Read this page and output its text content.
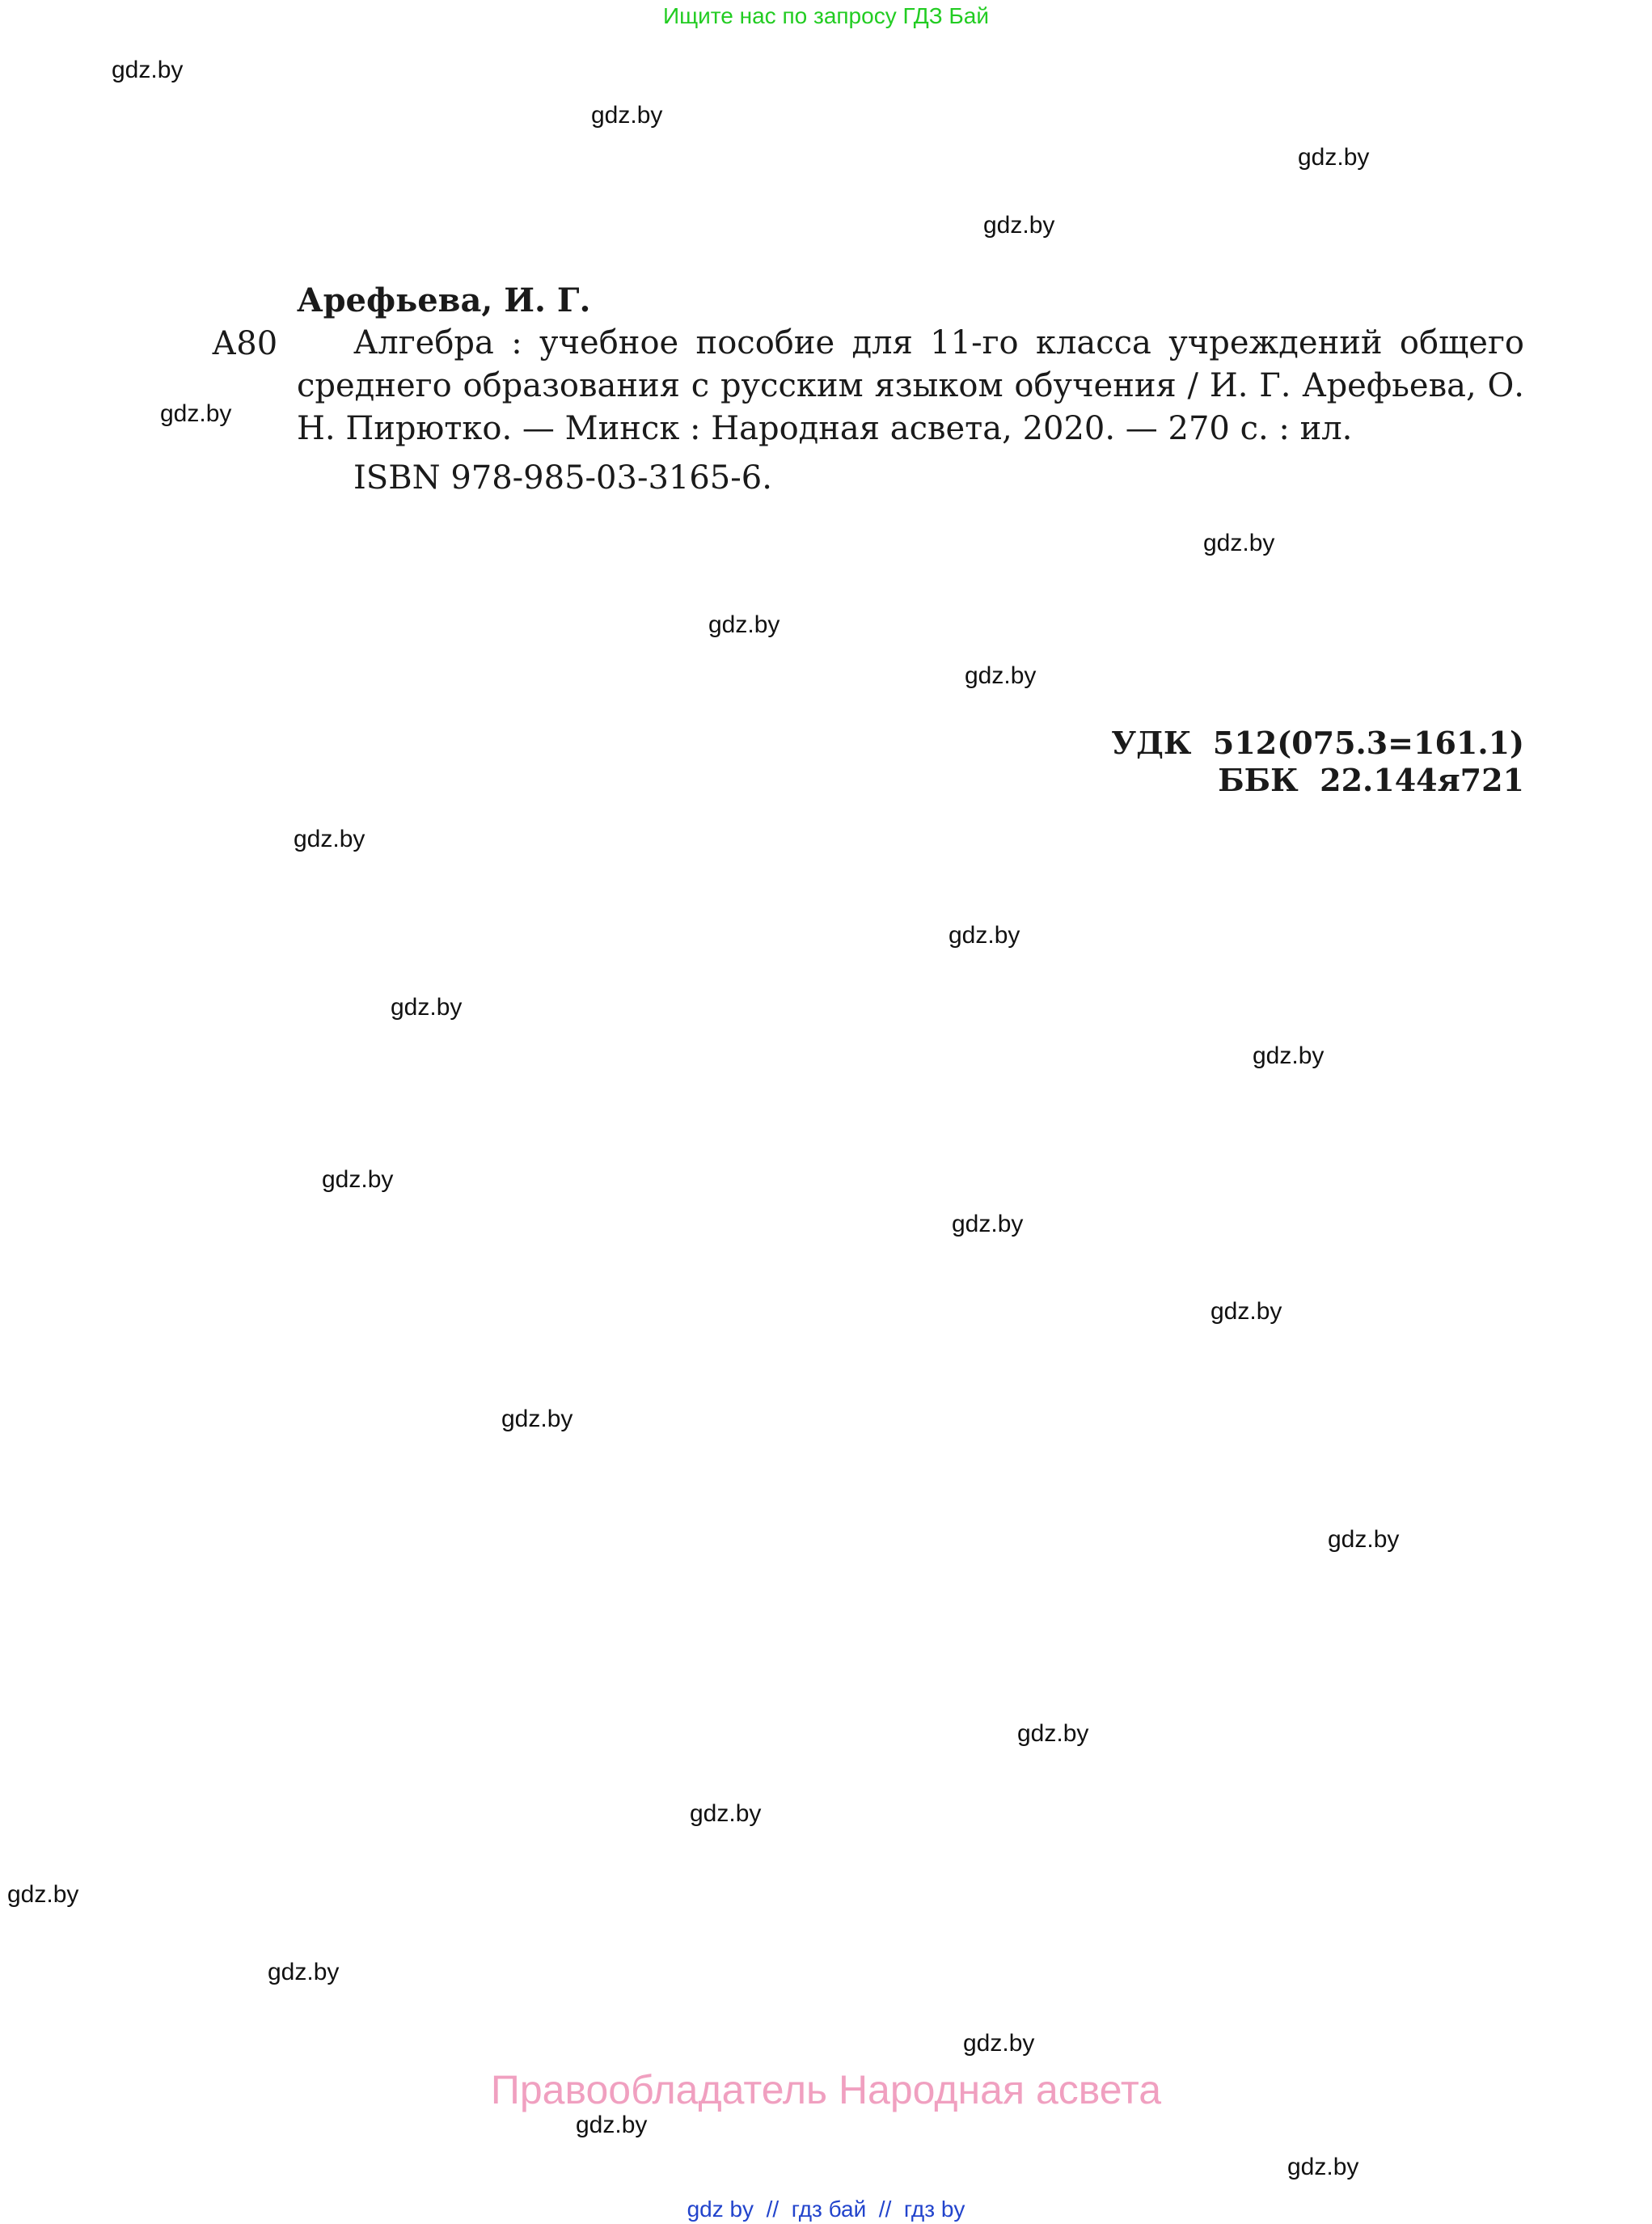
Ищите нас по запросу ГДЗ Бай
gdz.by
gdz.by
gdz.by
gdz.by
gdz.by
gdz.by
gdz.by
gdz.by
gdz.by
gdz.by
gdz.by
gdz.by
gdz.by
gdz.by
gdz.by
gdz.by
gdz.by
gdz.by
gdz.by
gdz.by
gdz.by
gdz.by
gdz.by
gdz.by
Арефьева, И. Г.
А80	Алгебра : учебное пособие для 11-го класса учреждений общего среднего образования с русским языком обучения / И. Г. Арефьева, О. Н. Пирютко. — Минск : Народная асвета, 2020. — 270 с. : ил.

ISBN 978-985-03-3165-6.
УДК  512(075.3=161.1)
ББК  22.144я721
Правообладатель Народная асвета
gdz by  //  гдз бай  //  гдз by
